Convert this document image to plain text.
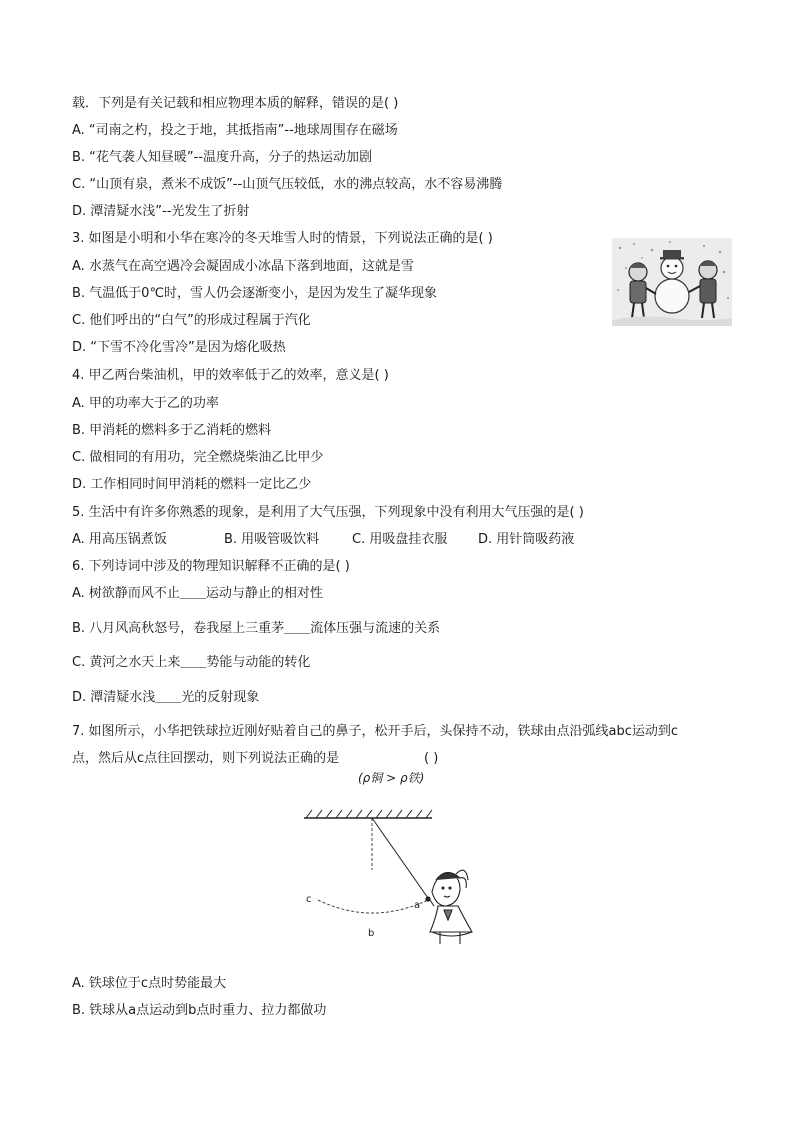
载．下列是有关记载和相应物理本质的解释，错误的是( )
A. “司南之杓，投之于地，其抵指南”--地球周围存在磁场
B. “花气袭人知昼暖”--温度升高，分子的热运动加剧
C. “山顶有泉，煮米不成饭”--山顶气压较低，水的沸点较高，水不容易沸腾
D. 潭清疑水浅”--光发生了折射
3. 如图是小明和小华在寒冷的冬天堆雪人时的情景，下列说法正确的是( )
A. 水蒸气在高空遇冷会凝固成小冰晶下落到地面，这就是雪
B. 气温低于0℃时，雪人仍会逐渐变小，是因为发生了凝华现象
C. 他们呼出的“白气”的形成过程属于汽化
D. “下雪不冷化雪冷”是因为熔化吸热
4. 甲乙两台柴油机，甲的效率低于乙的效率，意义是( )
A. 甲的功率大于乙的功率
B. 甲消耗的燃料多于乙消耗的燃料
C. 做相同的有用功，完全燃烧柴油乙比甲少
D. 工作相同时间甲消耗的燃料一定比乙少
5. 生活中有许多你熟悉的现象，是利用了大气压强，下列现象中没有利用大气压强的是( )
A. 用高压锅煮饭	B. 用吸管吸饮料	C. 用吸盘挂衣服 D. 用针筒吸药液
6. 下列诗词中涉及的物理知识解释不正确的是( )
A. 树欲静而风不止＿＿运动与静止的相对性
B. 八月风高秋怒号，卷我屋上三重茅＿＿流体压强与流速的关系
C. 黄河之水天上来＿＿势能与动能的转化
D. 潭清疑水浅＿＿光的反射现象
7. 如图所示，小华把铁球拉近刚好贴着自己的鼻子，松开手后，头保持不动，铁球由点沿弧线abc运动到c
点，然后从c点往回摆动，则下列说法正确的是	( )
(ρ铜 > ρ铁)
c
b
a
A. 铁球位于c点时势能最大
B. 铁球从a点运动到b点时重力、拉力都做功
